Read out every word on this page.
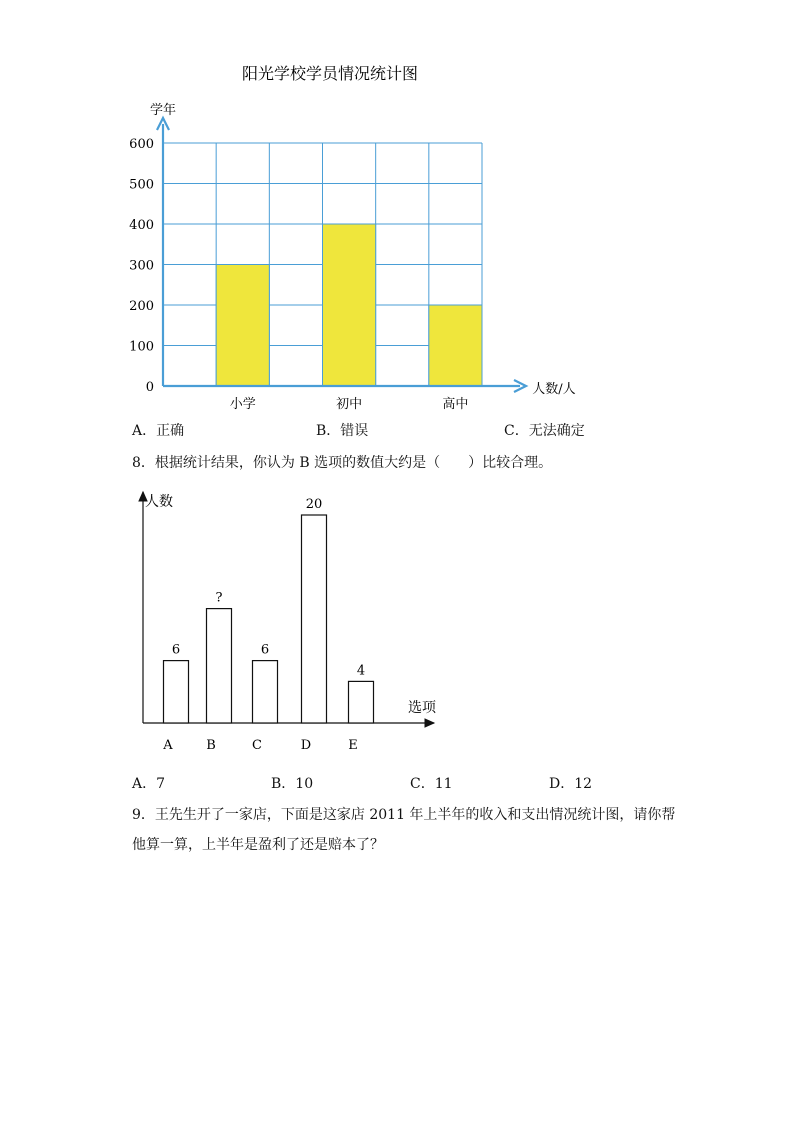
阳光学校学员情况统计图
0
100
200
300
400
500
600
小学	初中	高中
学年
人数/人
A．正确	B．错误	C．无法确定
8．根据统计结果，你认为 B 选项的数值大约是（　　）比较合理。
6
?
6
20
4
A	B	C	D	E
人数
选项
A．7	B．10	C．11	D．12
9．王先生开了一家店，下面是这家店 2011 年上半年的收入和支出情况统计图，请你帮
他算一算，上半年是盈利了还是赔本了？
